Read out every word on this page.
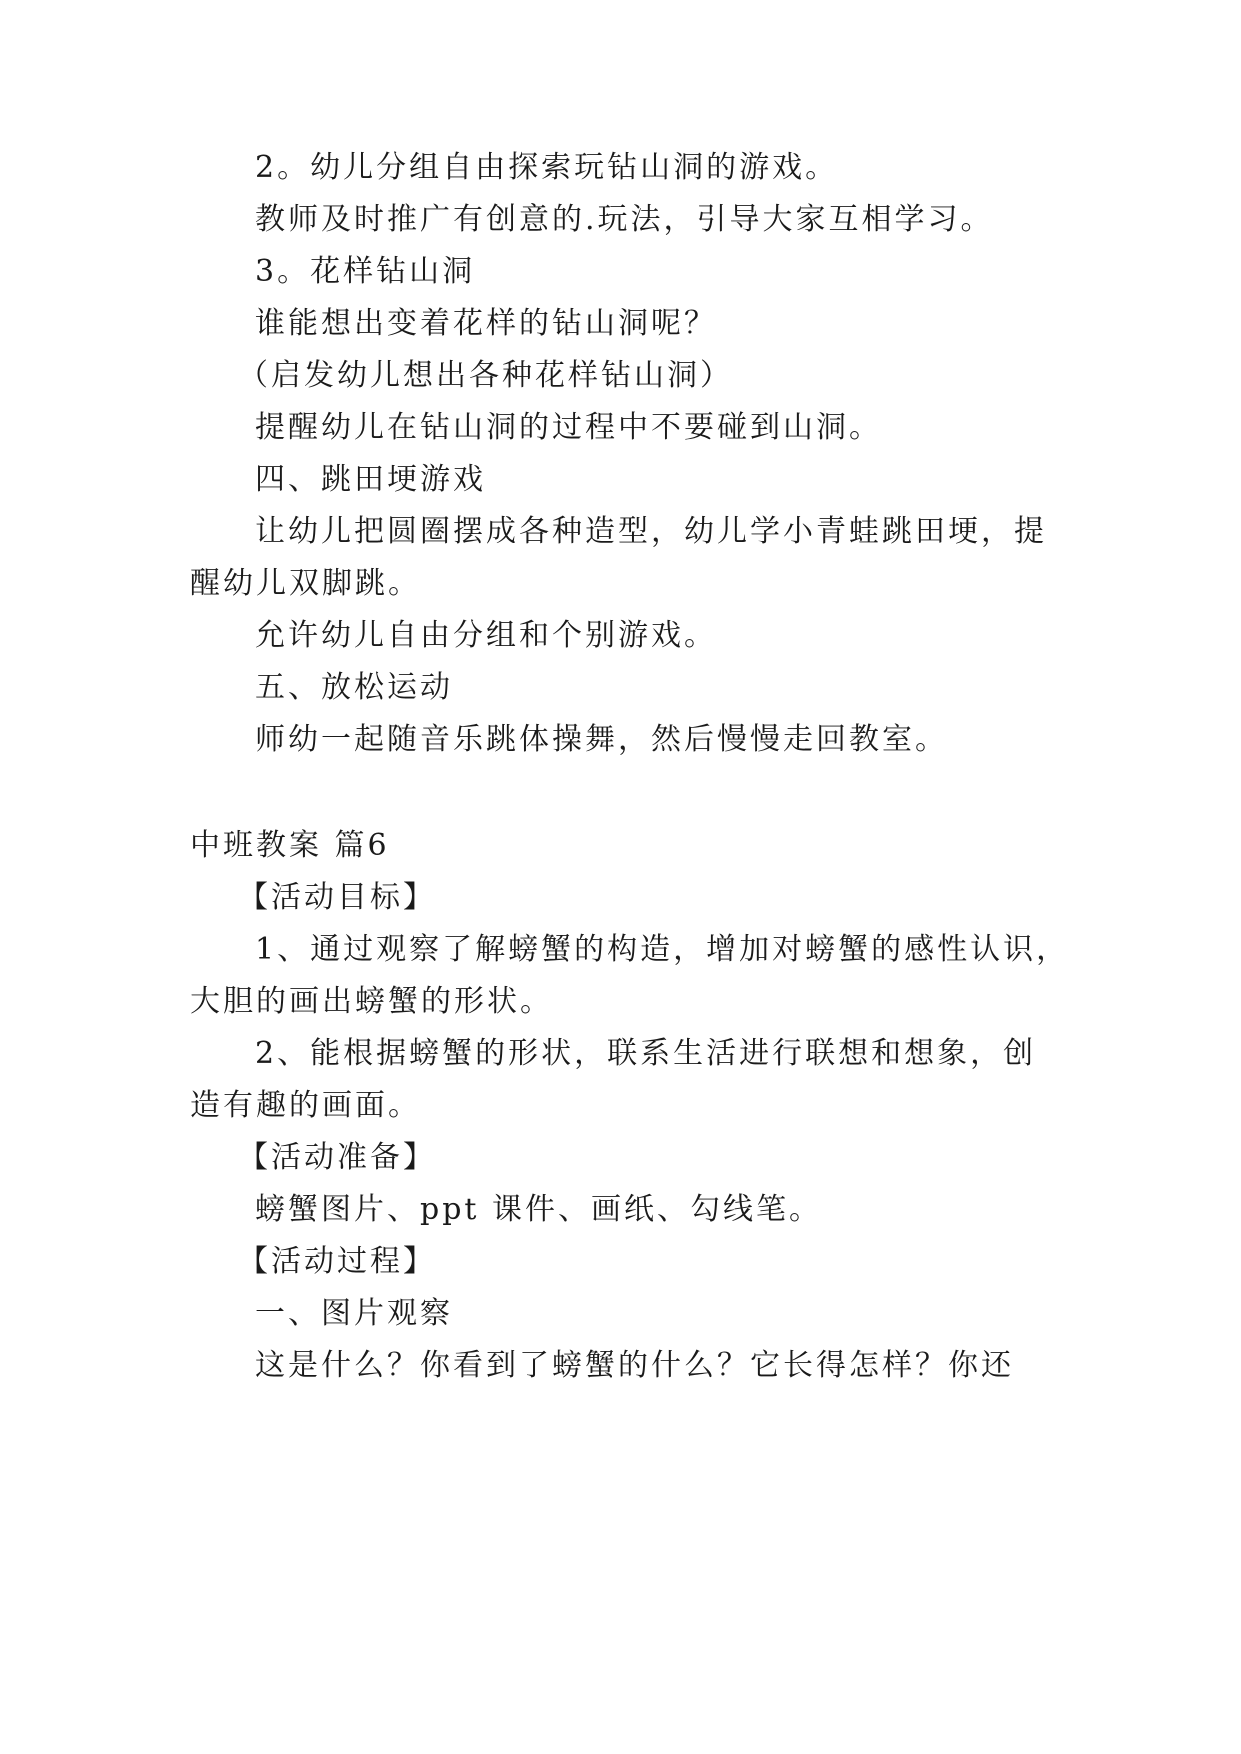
2。幼儿分组自由探索玩钻山洞的游戏。
教师及时推广有创意的.玩法，引导大家互相学习。
3。花样钻山洞
谁能想出变着花样的钻山洞呢？
（启发幼儿想出各种花样钻山洞）
提醒幼儿在钻山洞的过程中不要碰到山洞。
四、跳田埂游戏
让幼儿把圆圈摆成各种造型，幼儿学小青蛙跳田埂，提
醒幼儿双脚跳。
允许幼儿自由分组和个别游戏。
五、放松运动
师幼一起随音乐跳体操舞，然后慢慢走回教室。
中班教案 篇6
【活动目标】
1、通过观察了解螃蟹的构造，增加对螃蟹的感性认识，
大胆的画出螃蟹的形状。
2、能根据螃蟹的形状，联系生活进行联想和想象，创
造有趣的画面。
【活动准备】
螃蟹图片、ppt 课件、画纸、勾线笔。
【活动过程】
一、图片观察
这是什么？你看到了螃蟹的什么？它长得怎样？你还
